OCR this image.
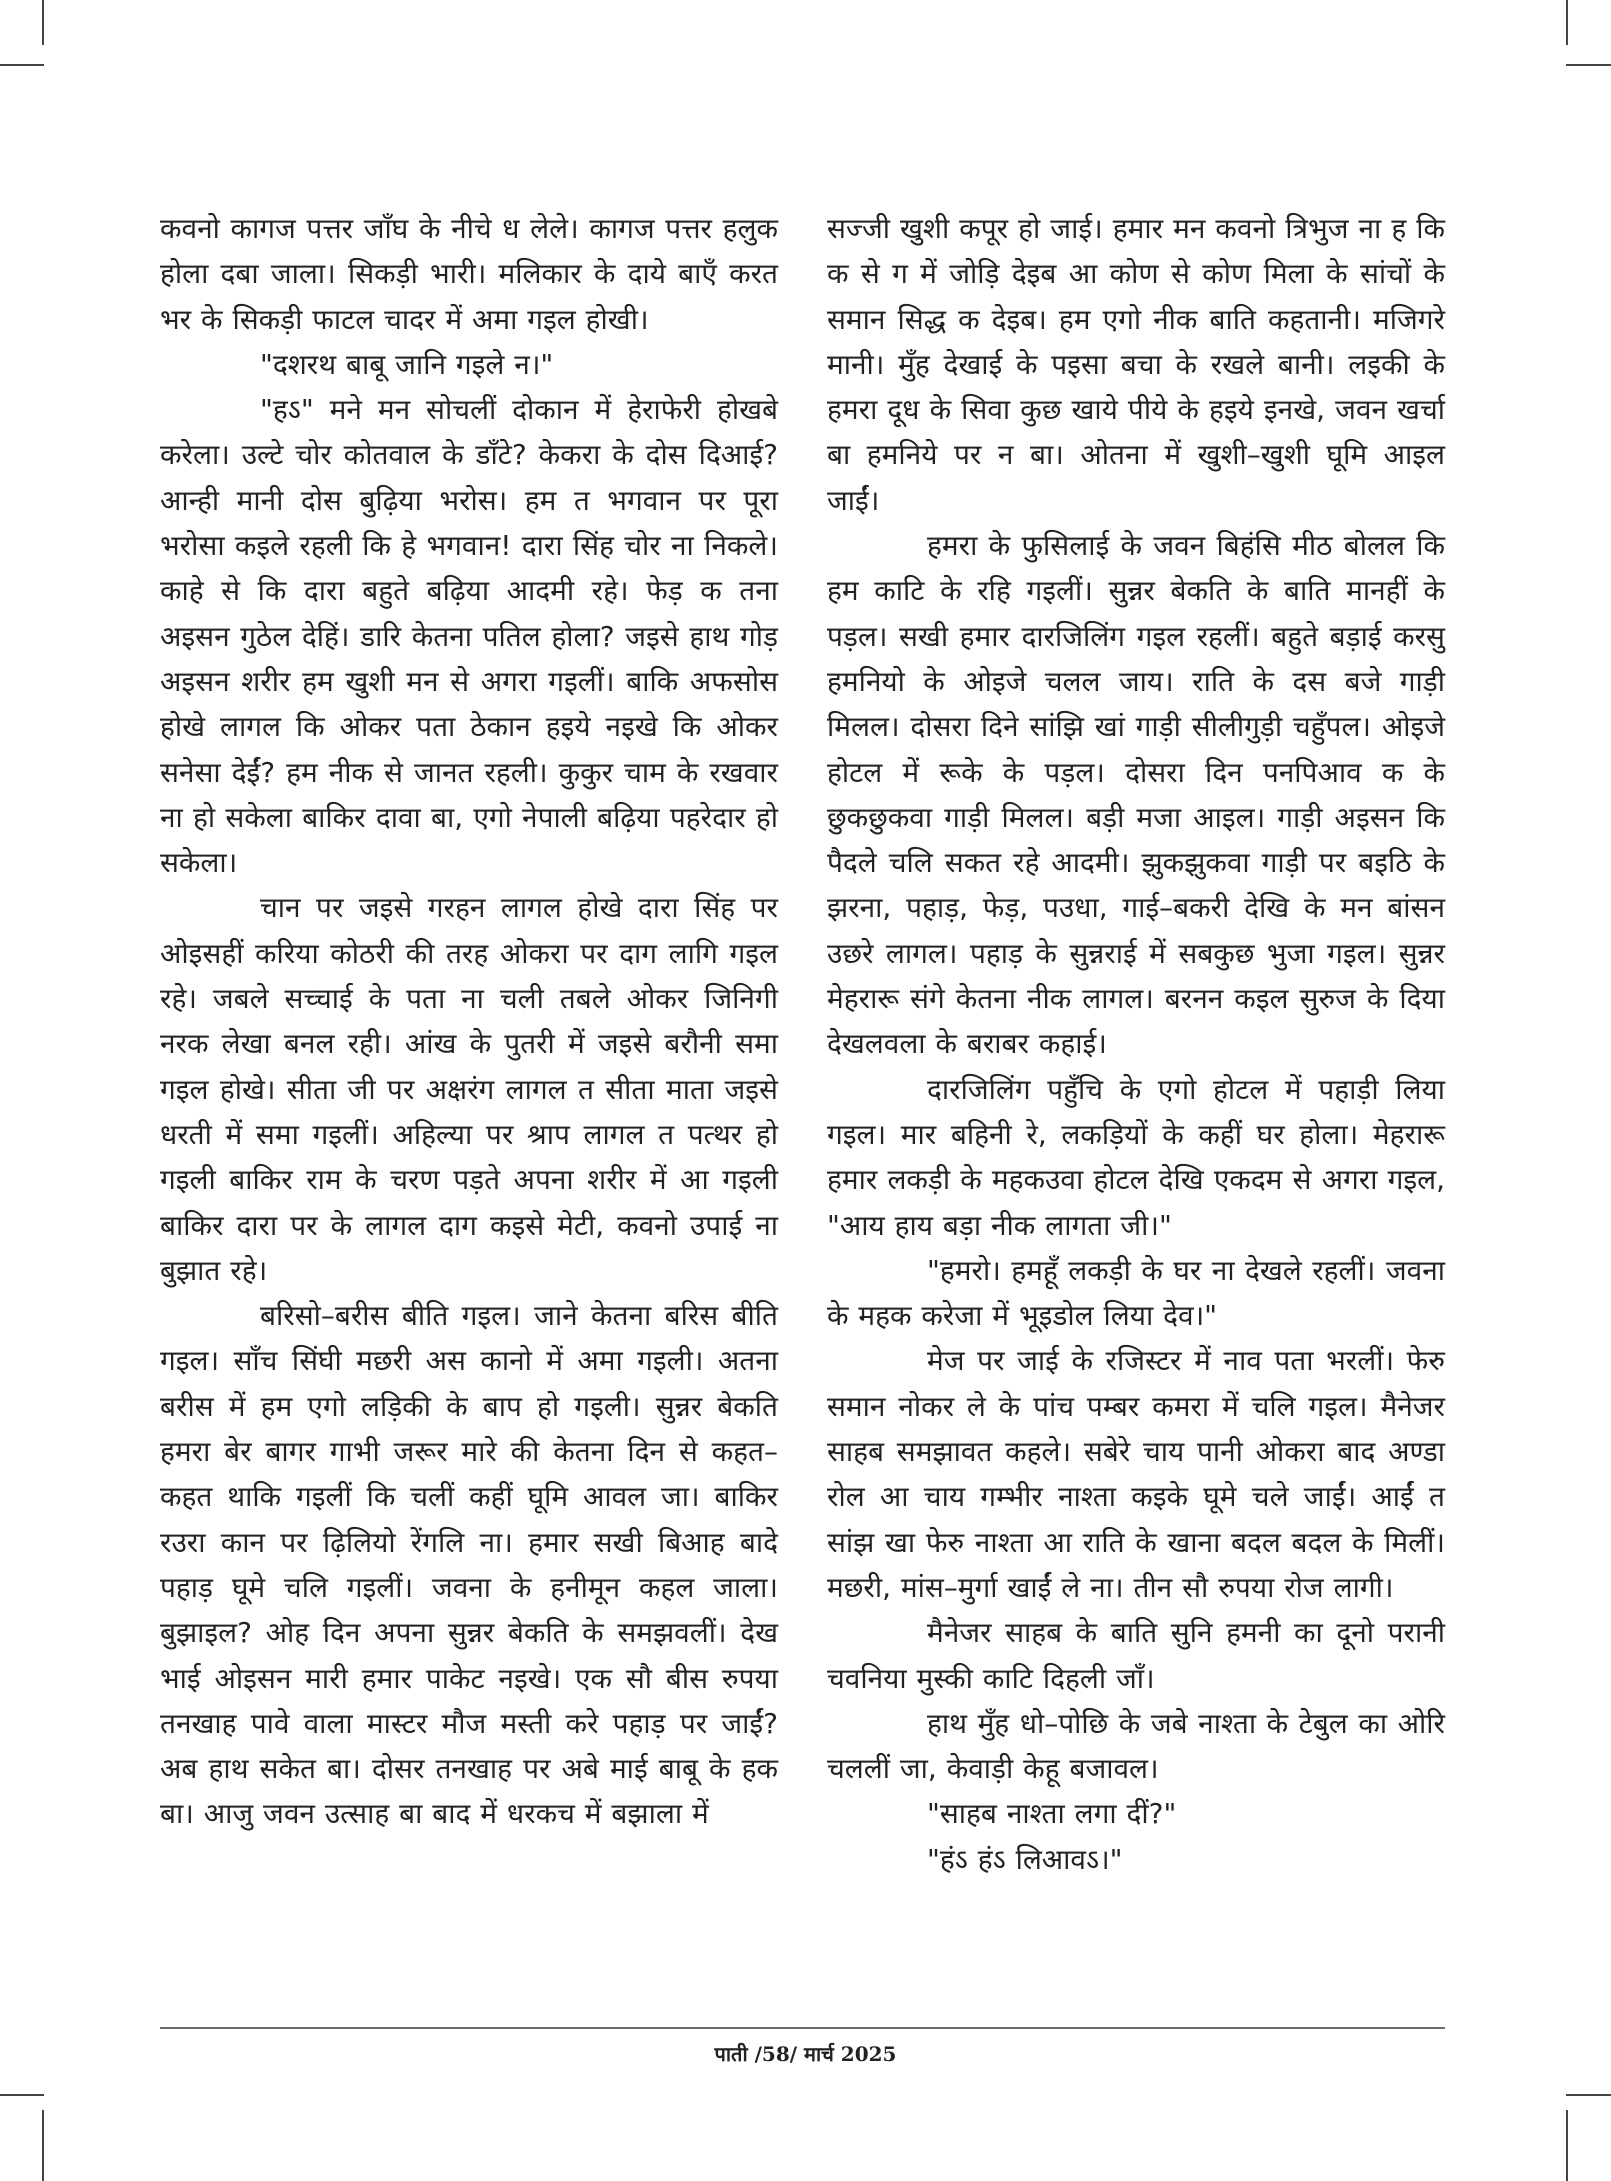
कवनो कागज पत्तर जाँघ के नीचे ध लेले। कागज पत्तर हलुक होला दबा जाला। सिकड़ी भारी। मलिकार के दाये बाएँ करत भर के सिकड़ी फाटल चादर में अमा गइल होखी।

"दशरथ बाबू जानि गइले न।"

"हऽ" मने मन सोचलीं दोकान में हेराफेरी होखबे करेला। उल्टे चोर कोतवाल के डाँटे? केकरा के दोस दिआई? आन्ही मानी दोस बुढ़िया भरोस। हम त भगवान पर पूरा भरोसा कइले रहली कि हे भगवान! दारा सिंह चोर ना निकले। काहे से कि दारा बहुते बढ़िया आदमी रहे। फेड़ क तना अइसन गुठेल देहिं। डारि केतना पतिल होला? जइसे हाथ गोड़ अइसन शरीर हम खुशी मन से अगरा गइलीं। बाकि अफसोस होखे लागल कि ओकर पता ठेकान हइये नइखे कि ओकर सनेसा देईं? हम नीक से जानत रहली। कुकुर चाम के रखवार ना हो सकेला बाकिर दावा बा, एगो नेपाली बढ़िया पहरेदार हो सकेला।

चान पर जइसे गरहन लागल होखे दारा सिंह पर ओइसहीं करिया कोठरी की तरह ओकरा पर दाग लागि गइल रहे। जबले सच्चाई के पता ना चली तबले ओकर जिनिगी नरक लेखा बनल रही। आंख के पुतरी में जइसे बरौनी समा गइल होखे। सीता जी पर अक्षरंग लागल त सीता माता जइसे धरती में समा गइलीं। अहिल्या पर श्राप लागल त पत्थर हो गइली बाकिर राम के चरण पड़ते अपना शरीर में आ गइली बाकिर दारा पर के लागल दाग कइसे मेटी, कवनो उपाई ना बुझात रहे।

बरिसो–बरीस बीति गइल। जाने केतना बरिस बीति गइल। साँच सिंघी मछरी अस कानो में अमा गइली। अतना बरीस में हम एगो लड़िकी के बाप हो गइली। सुन्नर बेकति हमरा बेर बागर गाभी जरूर मारे की केतना दिन से कहत–कहत थाकि गइलीं कि चलीं कहीं घूमि आवल जा। बाकिर रउरा कान पर ढ़िलियो रेंगलि ना। हमार सखी बिआह बादे पहाड़ घूमे चलि गइलीं। जवना के हनीमून कहल जाला। बुझाइल? ओह दिन अपना सुन्नर बेकति के समझवलीं। देख भाई ओइसन मारी हमार पाकेट नइखे। एक सौ बीस रुपया तनखाह पावे वाला मास्टर मौज मस्ती करे पहाड़ पर जाईं? अब हाथ सकेत बा। दोसर तनखाह पर अबे माई बाबू के हक बा। आजु जवन उत्साह बा बाद में धरकच में बझाला में

सज्जी खुशी कपूर हो जाई। हमार मन कवनो त्रिभुज ना ह कि क से ग में जोड़ि देइब आ कोण से कोण मिला के सांचों के समान सिद्ध क देइब। हम एगो नीक बाति कहतानी। मजिगरे मानी। मुँह देखाई के पइसा बचा के रखले बानी। लइकी के हमरा दूध के सिवा कुछ खाये पीये के हइये इनखे, जवन खर्चा बा हमनिये पर न बा। ओतना में खुशी–खुशी घूमि आइल जाईं।

हमरा के फुसिलाई के जवन बिहंसि मीठ बोलल कि हम काटि के रहि गइलीं। सुन्नर बेकति के बाति मानहीं के पड़ल। सखी हमार दारजिलिंग गइल रहलीं। बहुते बड़ाई करसु हमनियो के ओइजे चलल जाय। राति के दस बजे गाड़ी मिलल। दोसरा दिने सांझि खां गाड़ी सीलीगुड़ी चहुँपल। ओइजे होटल में रूके के पड़ल। दोसरा दिन पनपिआव क के छुकछुकवा गाड़ी मिलल। बड़ी मजा आइल। गाड़ी अइसन कि पैदले चलि सकत रहे आदमी। झुकझुकवा गाड़ी पर बइठि के झरना, पहाड़, फेड़, पउधा, गाई–बकरी देखि के मन बांसन उछरे लागल। पहाड़ के सुन्नराई में सबकुछ भुजा गइल। सुन्नर मेहरारू संगे केतना नीक लागल। बरनन कइल सुरुज के दिया देखलवला के बराबर कहाई।

दारजिलिंग पहुँचि के एगो होटल में पहाड़ी लिया गइल। मार बहिनी रे, लकड़ियों के कहीं घर होला। मेहरारू हमार लकड़ी के महकउवा होटल देखि एकदम से अगरा गइल, "आय हाय बड़ा नीक लागता जी।"

"हमरो। हमहूँ लकड़ी के घर ना देखले रहलीं। जवना के महक करेजा में भूइडोल लिया देव।"

मेज पर जाई के रजिस्टर में नाव पता भरलीं। फेरु समान नोकर ले के पांच पम्बर कमरा में चलि गइल। मैनेजर साहब समझावत कहले। सबेरे चाय पानी ओकरा बाद अण्डा रोल आ चाय गम्भीर नाश्ता कइके घूमे चले जाईं। आईं त सांझ खा फेरु नाश्ता आ राति के खाना बदल बदल के मिलीं। मछरी, मांस–मुर्गा खाईं ले ना। तीन सौ रुपया रोज लागी।

मैनेजर साहब के बाति सुनि हमनी का दूनो परानी चवनिया मुस्की काटि दिहली जाँ।

हाथ मुँह धो–पोछि के जबे नाश्ता के टेबुल का ओरि चललीं जा, केवाड़ी केहू बजावल।

"साहब नाश्ता लगा दीं?"

"हंऽ हंऽ लिआवऽ।"

पाती /58/ मार्च 2025
